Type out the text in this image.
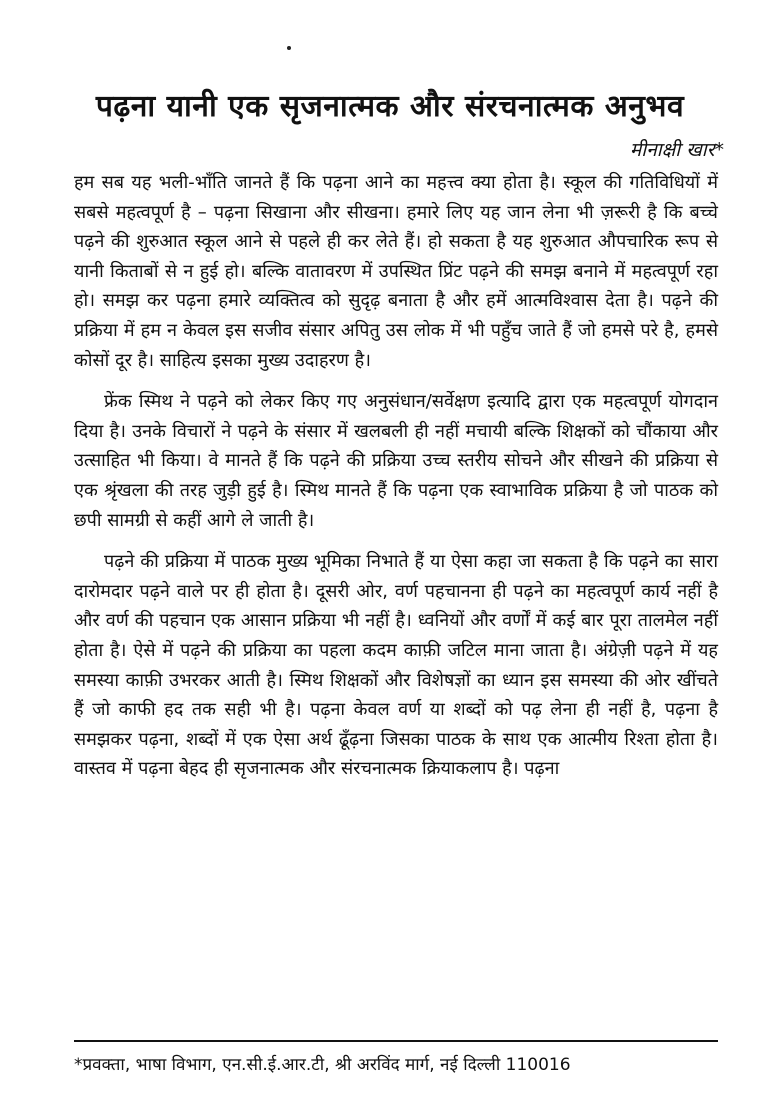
पढ़ना यानी एक सृजनात्मक और संरचनात्मक अनुभव

मीनाक्षी खार*

हम सब यह भली-भाँति जानते हैं कि पढ़ना आने का महत्त्व क्या होता है। स्कूल की गतिविधियों में सबसे महत्वपूर्ण है – पढ़ना सिखाना और सीखना। हमारे लिए यह जान लेना भी ज़रूरी है कि बच्चे पढ़ने की शुरुआत स्कूल आने से पहले ही कर लेते हैं। हो सकता है यह शुरुआत औपचारिक रूप से यानी किताबों से न हुई हो। बल्कि वातावरण में उपस्थित प्रिंट पढ़ने की समझ बनाने में महत्वपूर्ण रहा हो। समझ कर पढ़ना हमारे व्यक्तित्व को सुदृढ़ बनाता है और हमें आत्मविश्वास देता है। पढ़ने की प्रक्रिया में हम न केवल इस सजीव संसार अपितु उस लोक में भी पहुँच जाते हैं जो हमसे परे है, हमसे कोसों दूर है। साहित्य इसका मुख्य उदाहरण है।

फ्रेंक स्मिथ ने पढ़ने को लेकर किए गए अनुसंधान/सर्वेक्षण इत्यादि द्वारा एक महत्वपूर्ण योगदान दिया है। उनके विचारों ने पढ़ने के संसार में खलबली ही नहीं मचायी बल्कि शिक्षकों को चौंकाया और उत्साहित भी किया। वे मानते हैं कि पढ़ने की प्रक्रिया उच्च स्तरीय सोचने और सीखने की प्रक्रिया से एक श्रृंखला की तरह जुड़ी हुई है। स्मिथ मानते हैं कि पढ़ना एक स्वाभाविक प्रक्रिया है जो पाठक को छपी सामग्री से कहीं आगे ले जाती है।

पढ़ने की प्रक्रिया में पाठक मुख्य भूमिका निभाते हैं या ऐसा कहा जा सकता है कि पढ़ने का सारा दारोमदार पढ़ने वाले पर ही होता है। दूसरी ओर, वर्ण पहचानना ही पढ़ने का महत्वपूर्ण कार्य नहीं है और वर्ण की पहचान एक आसान प्रक्रिया भी नहीं है। ध्वनियों और वर्णों में कई बार पूरा तालमेल नहीं होता है। ऐसे में पढ़ने की प्रक्रिया का पहला कदम काफ़ी जटिल माना जाता है। अंग्रेज़ी पढ़ने में यह समस्या काफ़ी उभरकर आती है। स्मिथ शिक्षकों और विशेषज्ञों का ध्यान इस समस्या की ओर खींचते हैं जो काफी हद तक सही भी है। पढ़ना केवल वर्ण या शब्दों को पढ़ लेना ही नहीं है, पढ़ना है समझकर पढ़ना, शब्दों में एक ऐसा अर्थ ढूँढ़ना जिसका पाठक के साथ एक आत्मीय रिश्ता होता है। वास्तव में पढ़ना बेहद ही सृजनात्मक और संरचनात्मक क्रियाकलाप है। पढ़ना

*प्रवक्ता, भाषा विभाग, एन.सी.ई.आर.टी, श्री अरविंद मार्ग, नई दिल्ली 110016
